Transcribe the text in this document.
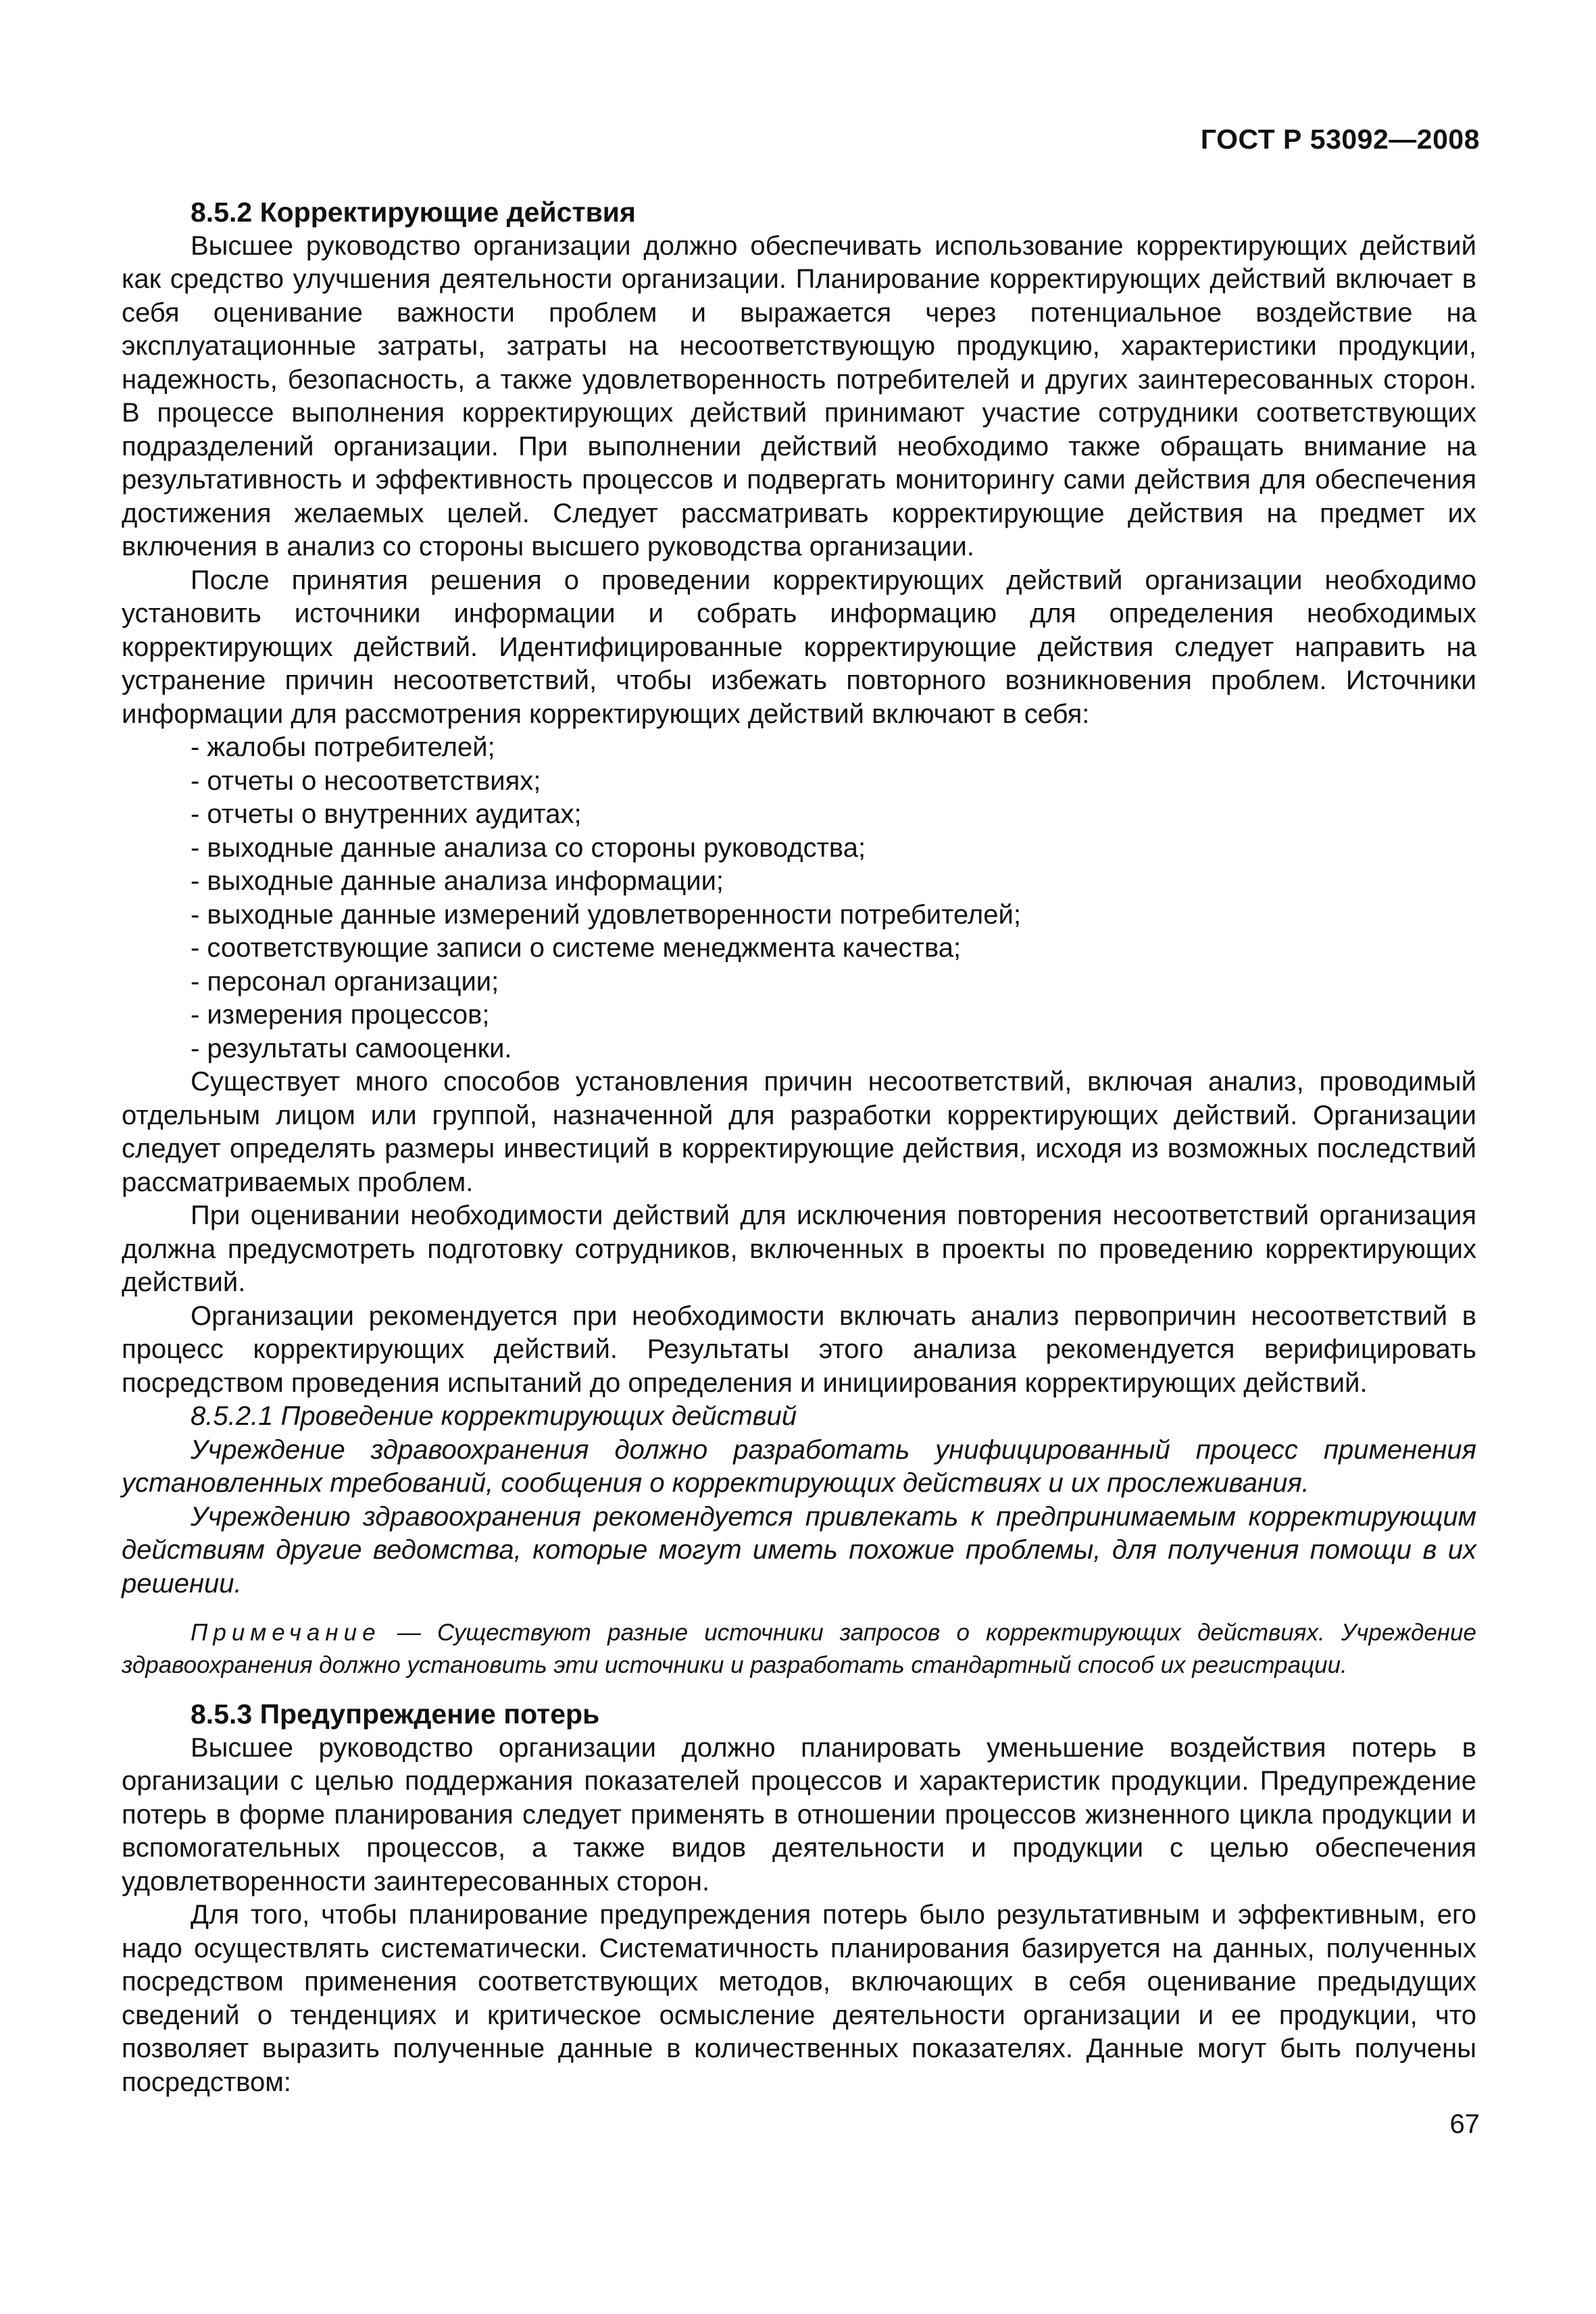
ГОСТ Р 53092—2008

8.5.2 Корректирующие действия

Высшее руководство организации должно обеспечивать использование корректирующих действий как средство улучшения деятельности организации. Планирование корректирующих действий включает в себя оценивание важности проблем и выражается через потенциальное воздействие на эксплуатационные затраты, затраты на несоответствующую продукцию, характеристики продукции, надежность, безопасность, а также удовлетворенность потребителей и других заинтересованных сторон. В процессе выполнения корректирующих действий принимают участие сотрудники соответствующих подразделений организации. При выполнении действий необходимо также обращать внимание на результативность и эффективность процессов и подвергать мониторингу сами действия для обеспечения достижения желаемых целей. Следует рассматривать корректирующие действия на предмет их включения в анализ со стороны высшего руководства организации.

После принятия решения о проведении корректирующих действий организации необходимо установить источники информации и собрать информацию для определения необходимых корректирующих действий. Идентифицированные корректирующие действия следует направить на устранение причин несоответствий, чтобы избежать повторного возникновения проблем. Источники информации для рассмотрения корректирующих действий включают в себя:

- жалобы потребителей;
- отчеты о несоответствиях;
- отчеты о внутренних аудитах;
- выходные данные анализа со стороны руководства;
- выходные данные анализа информации;
- выходные данные измерений удовлетворенности потребителей;
- соответствующие записи о системе менеджмента качества;
- персонал организации;
- измерения процессов;
- результаты самооценки.

Существует много способов установления причин несоответствий, включая анализ, проводимый отдельным лицом или группой, назначенной для разработки корректирующих действий. Организации следует определять размеры инвестиций в корректирующие действия, исходя из возможных последствий рассматриваемых проблем.

При оценивании необходимости действий для исключения повторения несоответствий организация должна предусмотреть подготовку сотрудников, включенных в проекты по проведению корректирующих действий.

Организации рекомендуется при необходимости включать анализ первопричин несоответствий в процесс корректирующих действий. Результаты этого анализа рекомендуется верифицировать посредством проведения испытаний до определения и инициирования корректирующих действий.

8.5.2.1 Проведение корректирующих действий

Учреждение здравоохранения должно разработать унифицированный процесс применения установленных требований, сообщения о корректирующих действиях и их прослеживания.

Учреждению здравоохранения рекомендуется привлекать к предпринимаемым корректирующим действиям другие ведомства, которые могут иметь похожие проблемы, для получения помощи в их решении.

Примечание — Существуют разные источники запросов о корректирующих действиях. Учреждение здравоохранения должно установить эти источники и разработать стандартный способ их регистрации.

8.5.3 Предупреждение потерь

Высшее руководство организации должно планировать уменьшение воздействия потерь в организации с целью поддержания показателей процессов и характеристик продукции. Предупреждение потерь в форме планирования следует применять в отношении процессов жизненного цикла продукции и вспомогательных процессов, а также видов деятельности и продукции с целью обеспечения удовлетворенности заинтересованных сторон.

Для того, чтобы планирование предупреждения потерь было результативным и эффективным, его надо осуществлять систематически. Систематичность планирования базируется на данных, полученных посредством применения соответствующих методов, включающих в себя оценивание предыдущих сведений о тенденциях и критическое осмысление деятельности организации и ее продукции, что позволяет выразить полученные данные в количественных показателях. Данные могут быть получены посредством:

67
